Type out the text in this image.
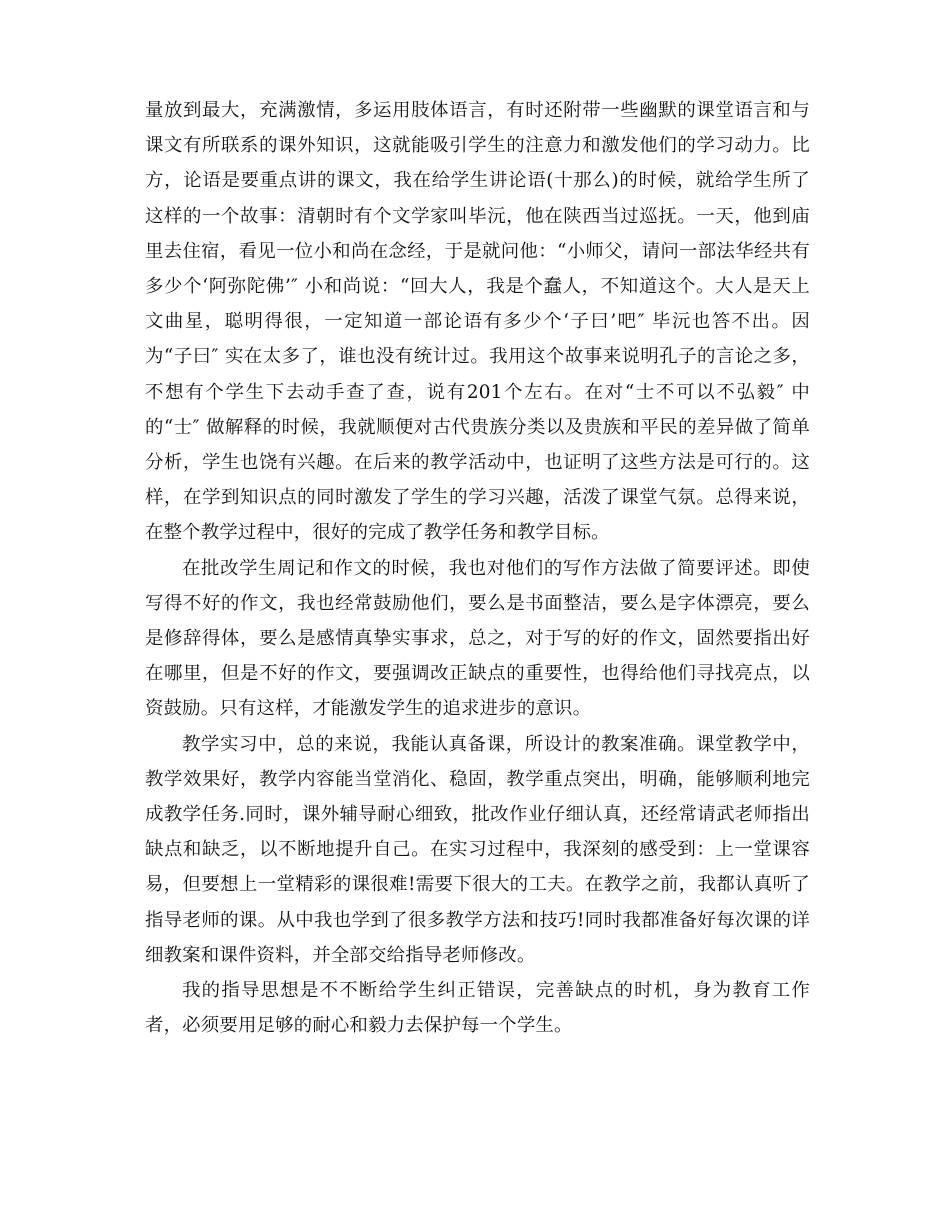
量放到最大，充满激情，多运用肢体语言，有时还附带一些幽默的课堂语言和与课文有所联系的课外知识，这就能吸引学生的注意力和激发他们的学习动力。比方，论语是要重点讲的课文，我在给学生讲论语(十那么)的时候，就给学生所了这样的一个故事：清朝时有个文学家叫毕沅，他在陕西当过巡抚。一天，他到庙里去住宿，看见一位小和尚在念经，于是就问他：“小师父，请问一部法华经共有多少个‘阿弥陀佛’″ 小和尚说：“回大人，我是个蠢人，不知道这个。大人是天上文曲星，聪明得很，一定知道一部论语有多少个‘子曰’吧″ 毕沅也答不出。因为“子曰″ 实在太多了，谁也没有统计过。我用这个故事来说明孔子的言论之多，不想有个学生下去动手查了查，说有201个左右。在对“士不可以不弘毅″ 中的“士″ 做解释的时候，我就顺便对古代贵族分类以及贵族和平民的差异做了简单分析，学生也饶有兴趣。在后来的教学活动中，也证明了这些方法是可行的。这样，在学到知识点的同时激发了学生的学习兴趣，活泼了课堂气氛。总得来说，在整个教学过程中，很好的完成了教学任务和教学目标。

在批改学生周记和作文的时候，我也对他们的写作方法做了简要评述。即使写得不好的作文，我也经常鼓励他们，要么是书面整洁，要么是字体漂亮，要么是修辞得体，要么是感情真挚实事求，总之，对于写的好的作文，固然要指出好在哪里，但是不好的作文，要强调改正缺点的重要性，也得给他们寻找亮点，以资鼓励。只有这样，才能激发学生的追求进步的意识。

教学实习中，总的来说，我能认真备课，所设计的教案准确。课堂教学中，教学效果好，教学内容能当堂消化、稳固，教学重点突出，明确，能够顺利地完成教学任务.同时，课外辅导耐心细致，批改作业仔细认真，还经常请武老师指出缺点和缺乏，以不断地提升自己。在实习过程中，我深刻的感受到：上一堂课容易，但要想上一堂精彩的课很难!需要下很大的工夫。在教学之前，我都认真听了指导老师的课。从中我也学到了很多教学方法和技巧!同时我都准备好每次课的详细教案和课件资料，并全部交给指导老师修改。

我的指导思想是不不断给学生纠正错误，完善缺点的时机，身为教育工作者，必须要用足够的耐心和毅力去保护每一个学生。
